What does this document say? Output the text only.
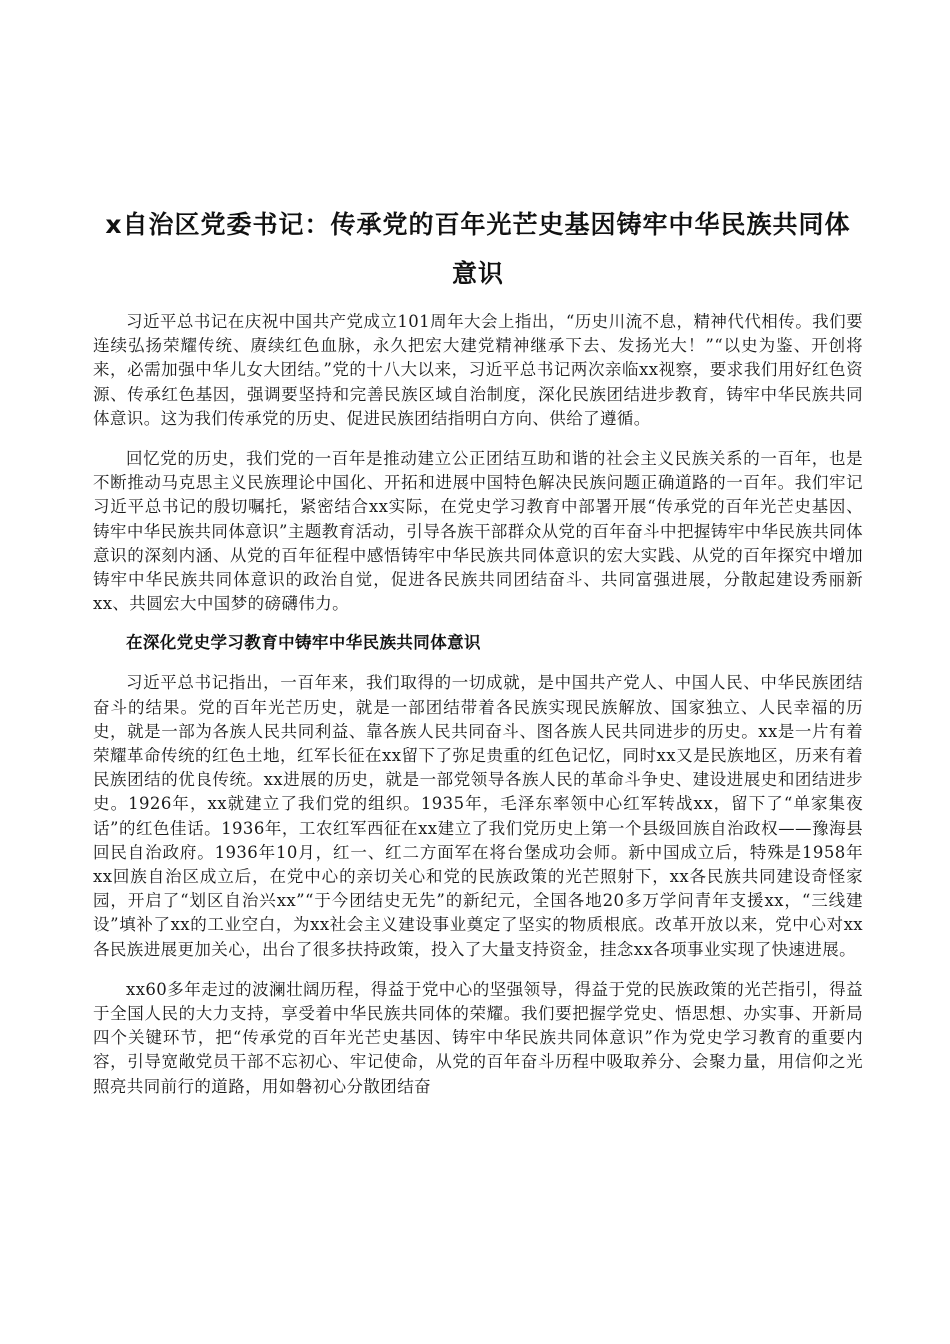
x自治区党委书记：传承党的百年光芒史基因铸牢中华民族共同体意识

习近平总书记在庆祝中国共产党成立101周年大会上指出，“历史川流不息，精神代代相传。我们要连续弘扬荣耀传统、赓续红色血脉，永久把宏大建党精神继承下去、发扬光大！”“以史为鉴、开创将来，必需加强中华儿女大团结。”党的十八大以来，习近平总书记两次亲临xx视察，要求我们用好红色资源、传承红色基因，强调要坚持和完善民族区域自治制度，深化民族团结进步教育，铸牢中华民族共同体意识。这为我们传承党的历史、促进民族团结指明白方向、供给了遵循。

回忆党的历史，我们党的一百年是推动建立公正团结互助和谐的社会主义民族关系的一百年，也是不断推动马克思主义民族理论中国化、开拓和进展中国特色解决民族问题正确道路的一百年。我们牢记习近平总书记的殷切嘱托，紧密结合xx实际，在党史学习教育中部署开展“传承党的百年光芒史基因、铸牢中华民族共同体意识”主题教育活动，引导各族干部群众从党的百年奋斗中把握铸牢中华民族共同体意识的深刻内涵、从党的百年征程中感悟铸牢中华民族共同体意识的宏大实践、从党的百年探究中增加铸牢中华民族共同体意识的政治自觉，促进各民族共同团结奋斗、共同富强进展，分散起建设秀丽新xx、共圆宏大中国梦的磅礴伟力。

在深化党史学习教育中铸牢中华民族共同体意识

习近平总书记指出，一百年来，我们取得的一切成就，是中国共产党人、中国人民、中华民族团结奋斗的结果。党的百年光芒历史，就是一部团结带着各民族实现民族解放、国家独立、人民幸福的历史，就是一部为各族人民共同利益、靠各族人民共同奋斗、图各族人民共同进步的历史。xx是一片有着荣耀革命传统的红色土地，红军长征在xx留下了弥足贵重的红色记忆，同时xx又是民族地区，历来有着民族团结的优良传统。xx进展的历史，就是一部党领导各族人民的革命斗争史、建设进展史和团结进步史。1926年，xx就建立了我们党的组织。1935年，毛泽东率领中心红军转战xx，留下了“单家集夜话”的红色佳话。1936年，工农红军西征在xx建立了我们党历史上第一个县级回族自治政权——豫海县回民自治政府。1936年10月，红一、红二方面军在将台堡成功会师。新中国成立后，特殊是1958年xx回族自治区成立后，在党中心的亲切关心和党的民族政策的光芒照射下，xx各民族共同建设奇怪家园，开启了“划区自治兴xx”“于今团结史无先”的新纪元，全国各地20多万学问青年支援xx，“三线建设”填补了xx的工业空白，为xx社会主义建设事业奠定了坚实的物质根底。改革开放以来，党中心对xx各民族进展更加关心，出台了很多扶持政策，投入了大量支持资金，挂念xx各项事业实现了快速进展。

xx60多年走过的波澜壮阔历程，得益于党中心的坚强领导，得益于党的民族政策的光芒指引，得益于全国人民的大力支持，享受着中华民族共同体的荣耀。我们要把握学党史、悟思想、办实事、开新局四个关键环节，把“传承党的百年光芒史基因、铸牢中华民族共同体意识”作为党史学习教育的重要内容，引导宽敞党员干部不忘初心、牢记使命，从党的百年奋斗历程中吸取养分、会聚力量，用信仰之光照亮共同前行的道路，用如磐初心分散团结奋
